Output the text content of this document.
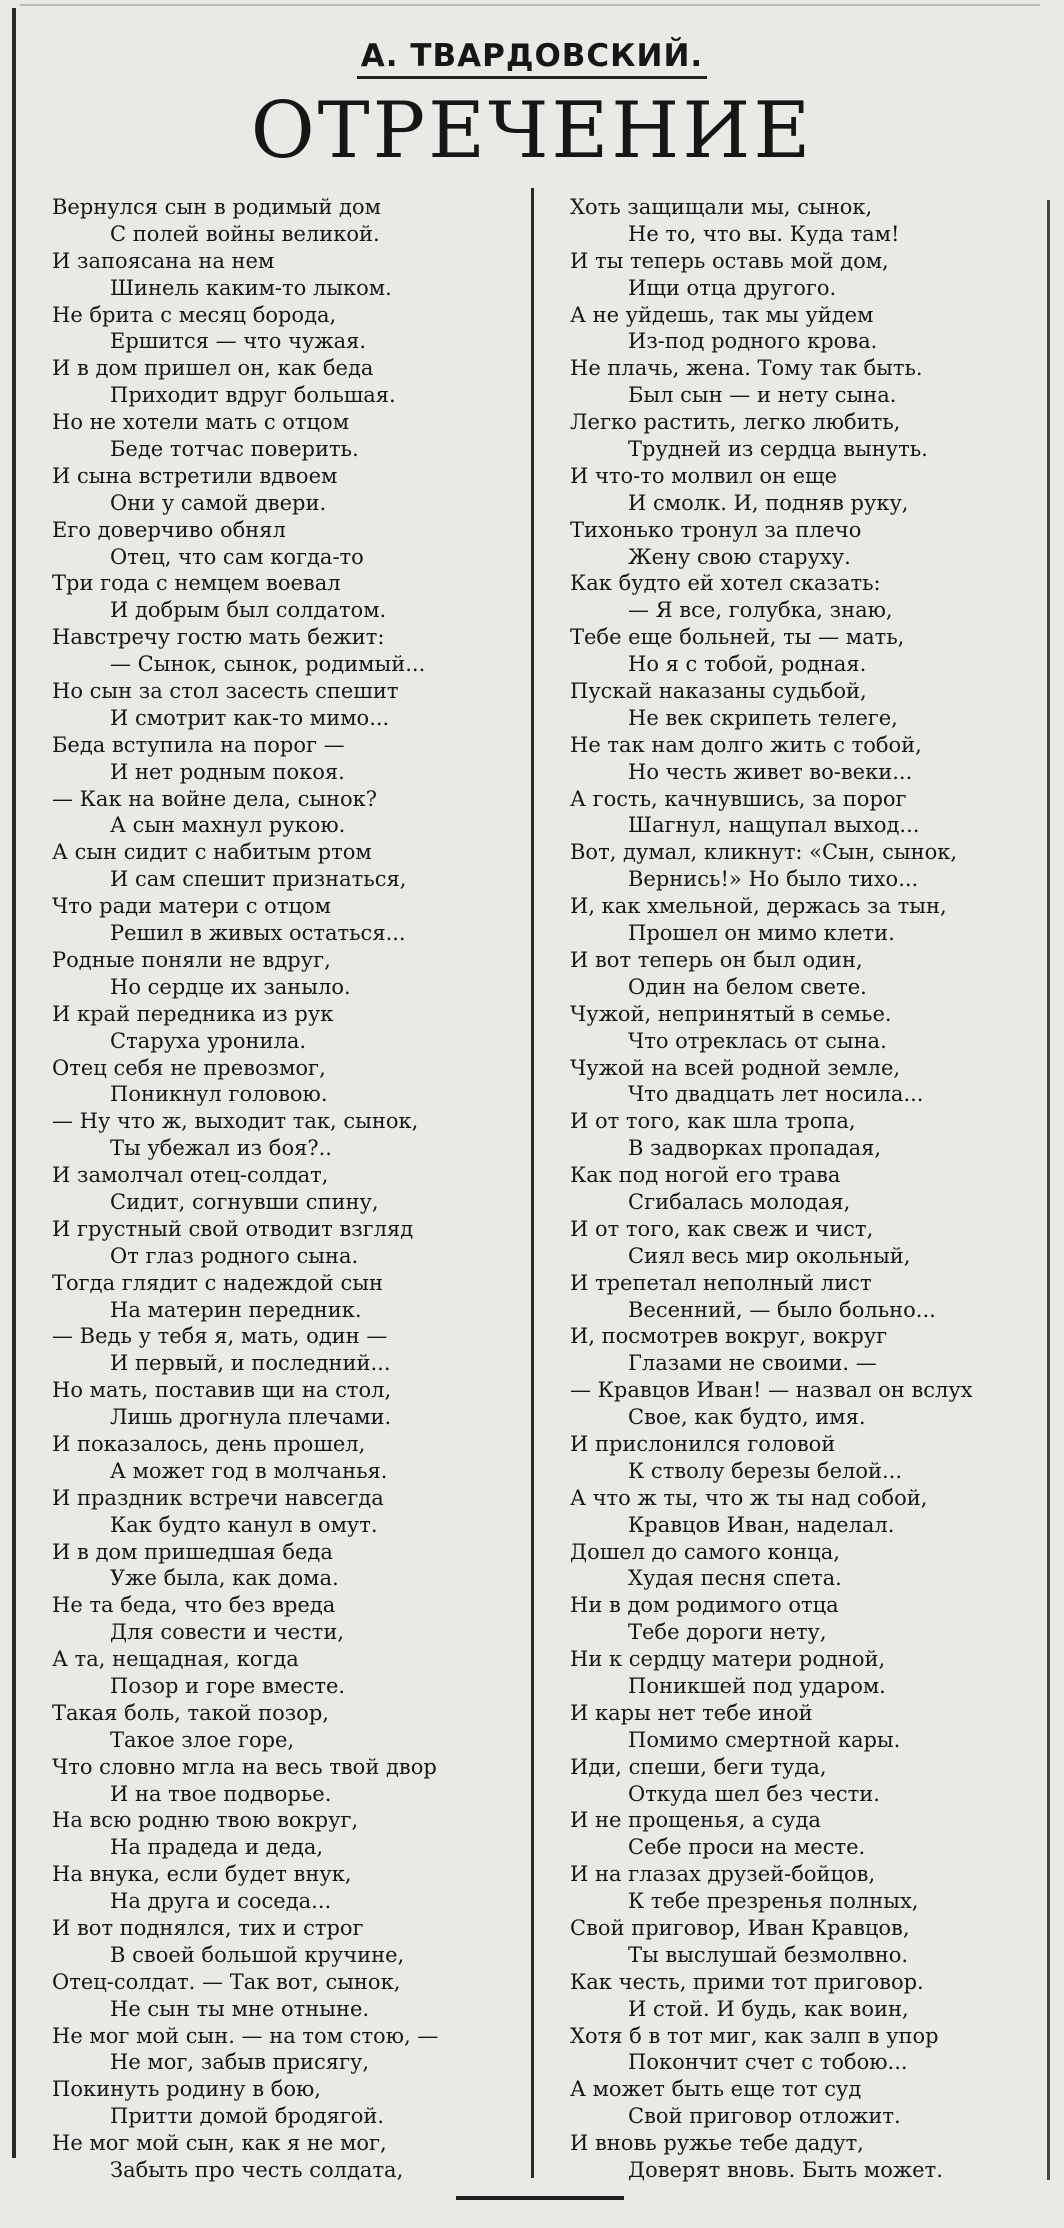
А. ТВАРДОВСКИЙ.
ОТРЕЧЕНИЕ
Вернулся сын в родимый дом
С полей войны великой.
И запоясана на нем
Шинель каким-то лыком.
Не брита с месяц борода,
Ершится — что чужая.
И в дом пришел он, как беда
Приходит вдруг большая.
Но не хотели мать с отцом
Беде тотчас поверить.
И сына встретили вдвоем
Они у самой двери.
Его доверчиво обнял
Отец, что сам когда-то
Три года с немцем воевал
И добрым был солдатом.
Навстречу гостю мать бежит:
— Сынок, сынок, родимый...
Но сын за стол засесть спешит
И смотрит как-то мимо...
Беда вступила на порог —
И нет родным покоя.
— Как на войне дела, сынок?
А сын махнул рукою.
А сын сидит с набитым ртом
И сам спешит признаться,
Что ради матери с отцом
Решил в живых остаться...
Родные поняли не вдруг,
Но сердце их заныло.
И край передника из рук
Старуха уронила.
Отец себя не превозмог,
Поникнул головою.
— Ну что ж, выходит так, сынок,
Ты убежал из боя?..
И замолчал отец-солдат,
Сидит, согнувши спину,
И грустный свой отводит взгляд
От глаз родного сына.
Тогда глядит с надеждой сын
На материн передник.
— Ведь у тебя я, мать, один —
И первый, и последний...
Но мать, поставив щи на стол,
Лишь дрогнула плечами.
И показалось, день прошел,
А может год в молчанья.
И праздник встречи навсегда
Как будто канул в омут.
И в дом пришедшая беда
Уже была, как дома.
Не та беда, что без вреда
Для совести и чести,
А та, нещадная, когда
Позор и горе вместе.
Такая боль, такой позор,
Такое злое горе,
Что словно мгла на весь твой двор
И на твое подворье.
На всю родню твою вокруг,
На прадеда и деда,
На внука, если будет внук,
На друга и соседа...
И вот поднялся, тих и строг
В своей большой кручине,
Отец-солдат. — Так вот, сынок,
Не сын ты мне отныне.
Не мог мой сын. — на том стою, —
Не мог, забыв присягу,
Покинуть родину в бою,
Притти домой бродягой.
Не мог мой сын, как я не мог,
Забыть про честь солдата,
Хоть защищали мы, сынок,
Не то, что вы. Куда там!
И ты теперь оставь мой дом,
Ищи отца другого.
А не уйдешь, так мы уйдем
Из-под родного крова.
Не плачь, жена. Тому так быть.
Был сын — и нету сына.
Легко растить, легко любить,
Трудней из сердца вынуть.
И что-то молвил он еще
И смолк. И, подняв руку,
Тихонько тронул за плечо
Жену свою старуху.
Как будто ей хотел сказать:
— Я все, голубка, знаю,
Тебе еще больней, ты — мать,
Но я с тобой, родная.
Пускай наказаны судьбой,
Не век скрипеть телеге,
Не так нам долго жить с тобой,
Но честь живет во-веки...
А гость, качнувшись, за порог
Шагнул, нащупал выход...
Вот, думал, кликнут: «Сын, сынок,
Вернись!» Но было тихо...
И, как хмельной, держась за тын,
Прошел он мимо клети.
И вот теперь он был один,
Один на белом свете.
Чужой, непринятый в семье.
Что отреклась от сына.
Чужой на всей родной земле,
Что двадцать лет носила...
И от того, как шла тропа,
В задворках пропадая,
Как под ногой его трава
Сгибалась молодая,
И от того, как свеж и чист,
Сиял весь мир окольный,
И трепетал неполный лист
Весенний, — было больно...
И, посмотрев вокруг, вокруг
Глазами не своими. —
— Кравцов Иван! — назвал он вслух
Свое, как будто, имя.
И прислонился головой
К стволу березы белой...
А что ж ты, что ж ты над собой,
Кравцов Иван, наделал.
Дошел до самого конца,
Худая песня спета.
Ни в дом родимого отца
Тебе дороги нету,
Ни к сердцу матери родной,
Поникшей под ударом.
И кары нет тебе иной
Помимо смертной кары.
Иди, спеши, беги туда,
Откуда шел без чести.
И не прощенья, а суда
Себе проси на месте.
И на глазах друзей-бойцов,
К тебе презренья полных,
Свой приговор, Иван Кравцов,
Ты выслушай безмолвно.
Как честь, прими тот приговор.
И стой. И будь, как воин,
Хотя б в тот миг, как залп в упор
Покончит счет с тобою...
А может быть еще тот суд
Свой приговор отложит.
И вновь ружье тебе дадут,
Доверят вновь. Быть может.
